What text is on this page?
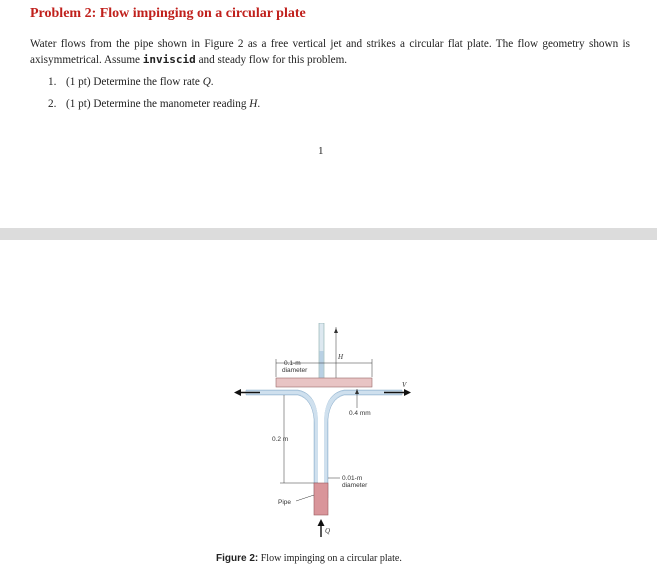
Problem 2: Flow impinging on a circular plate
Water flows from the pipe shown in Figure 2 as a free vertical jet and strikes a circular flat plate. The flow geometry shown is axisymmetrical. Assume inviscid and steady flow for this problem.
1. (1 pt) Determine the flow rate Q.
2. (1 pt) Determine the manometer reading H.
1
H
0.1-m
diameter
V
0.4 mm
0.2 m
0.01-m
diameter
Pipe
Q
Figure 2: Flow impinging on a circular plate.
